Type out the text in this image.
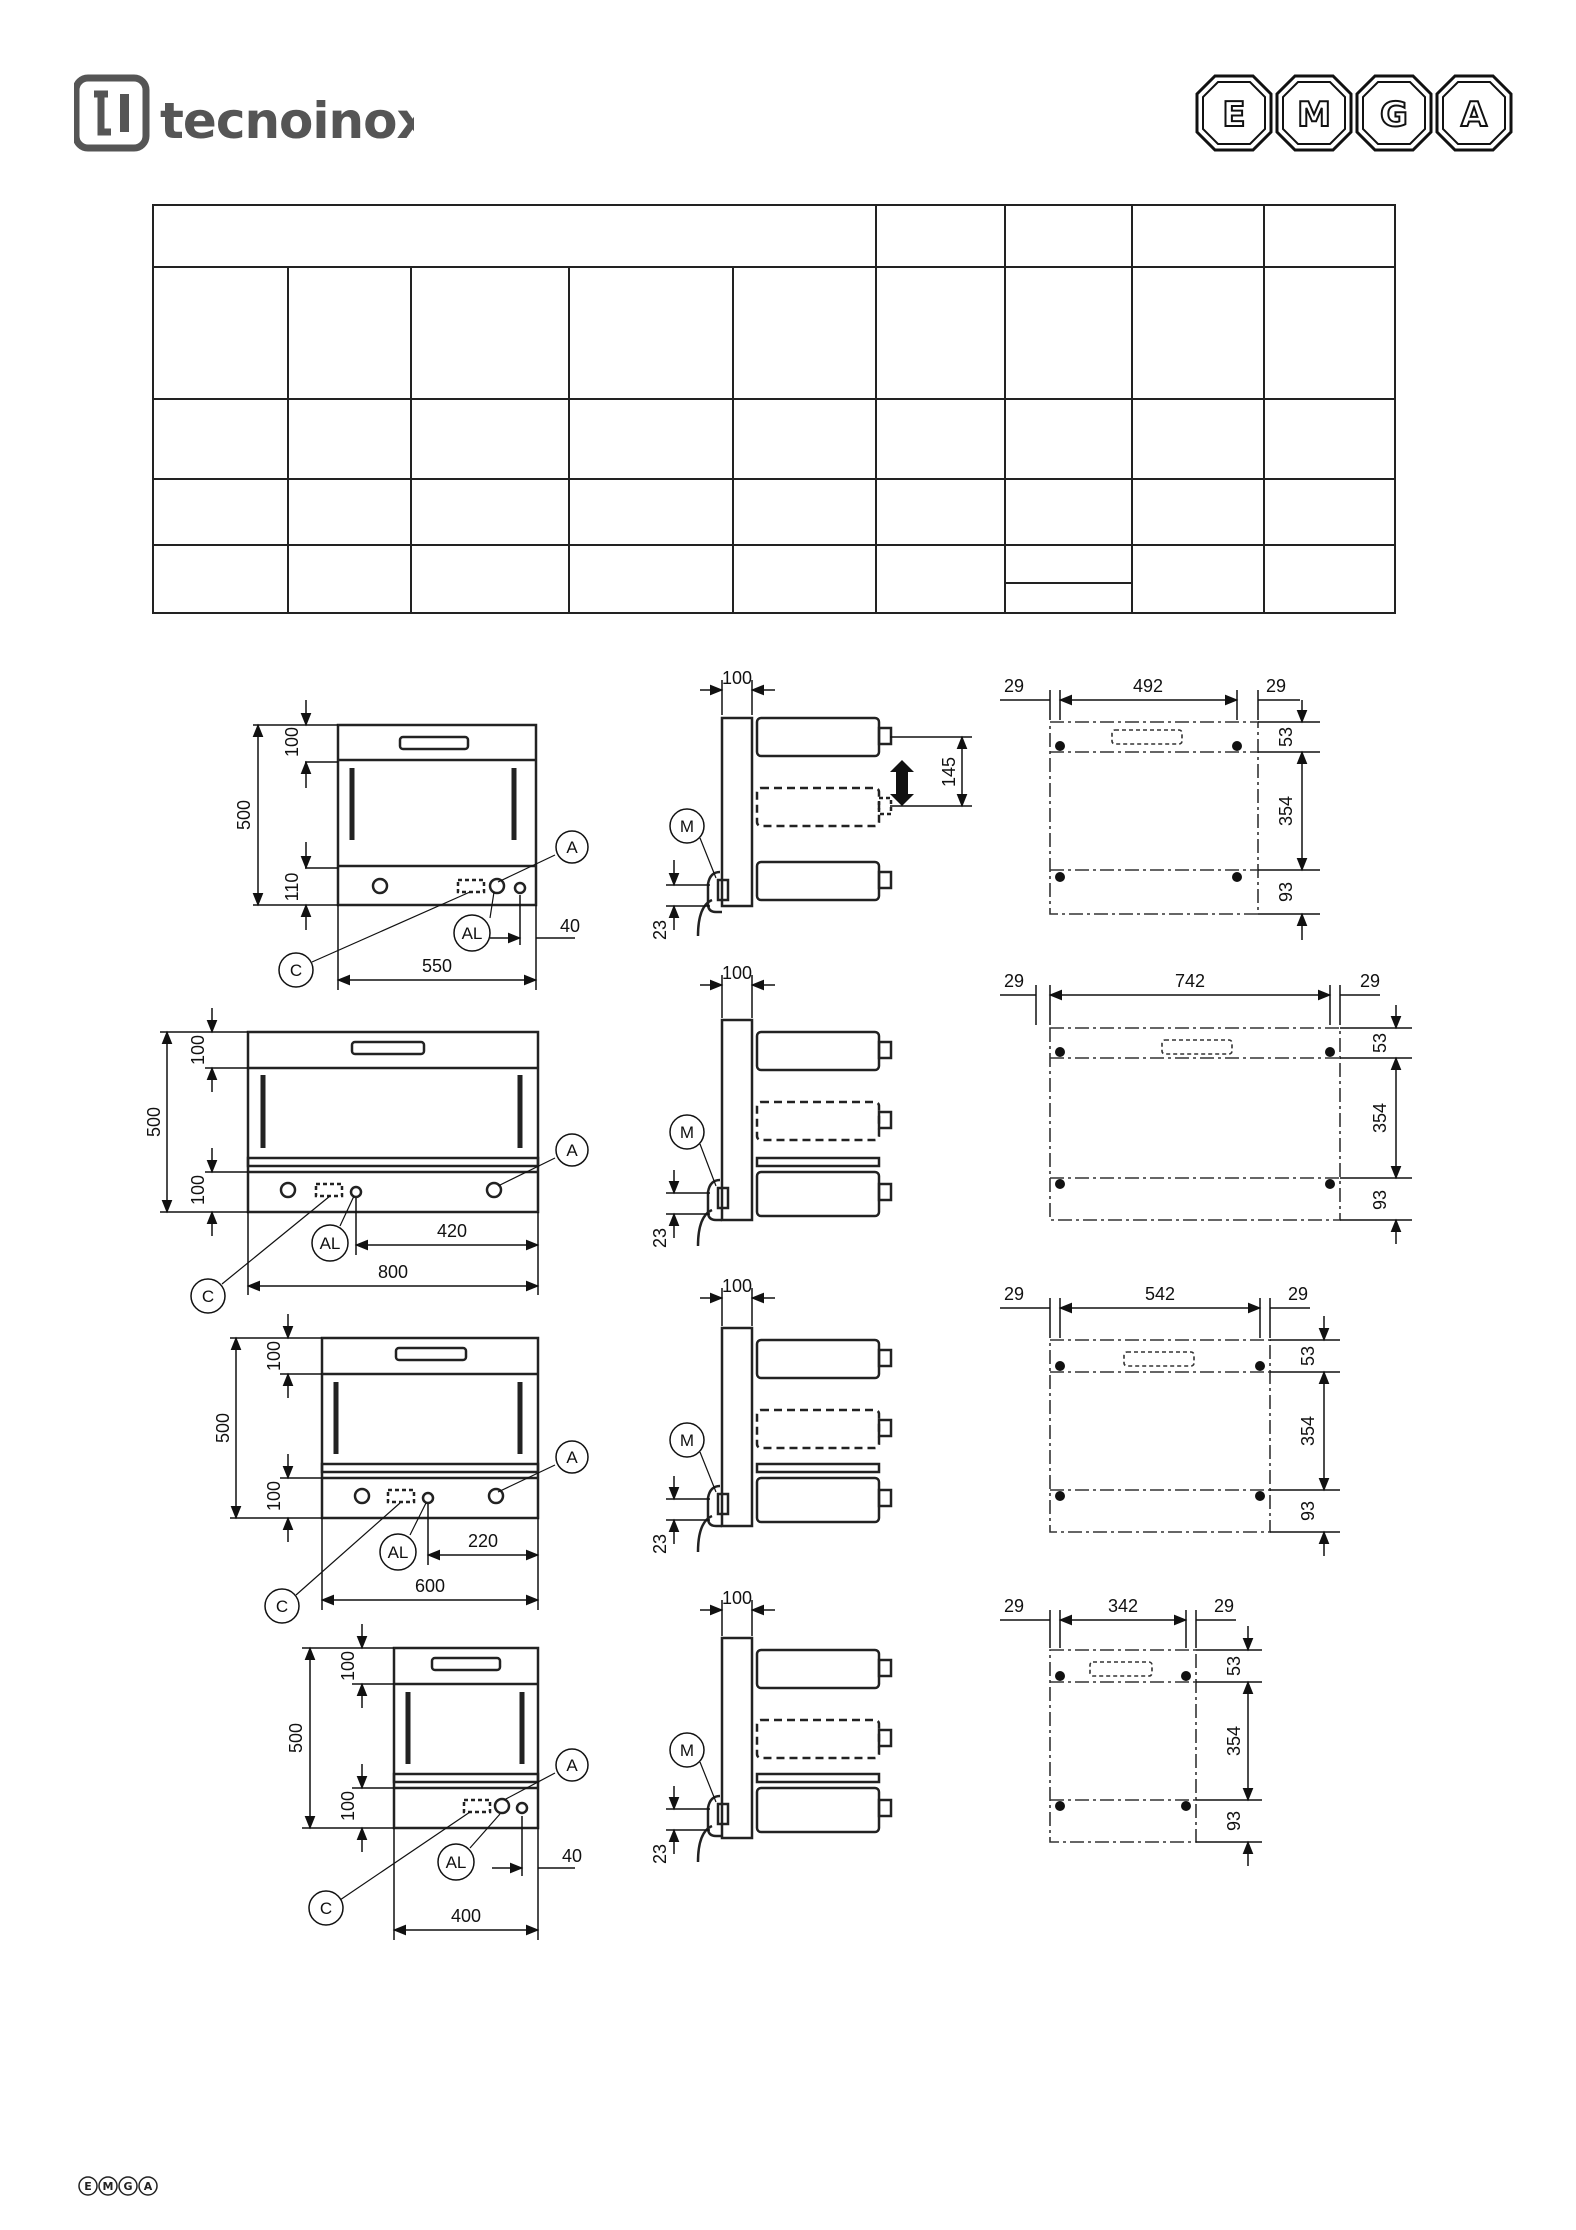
tecnoinox	E M G A

500
100
110
550
40
A
AL
C
100
145
23
M
29	492	29
53
354
93
500
100
100
800
420
A
AL
C
100
23
M
29	742	29
53
354
93
500
100
100
600
220
A
AL
C
100
23
M
29	542	29
53
354
93
500
100
100
400
40
A
AL
C
100
23
M
29	342	29
53
354
93
E M G A
